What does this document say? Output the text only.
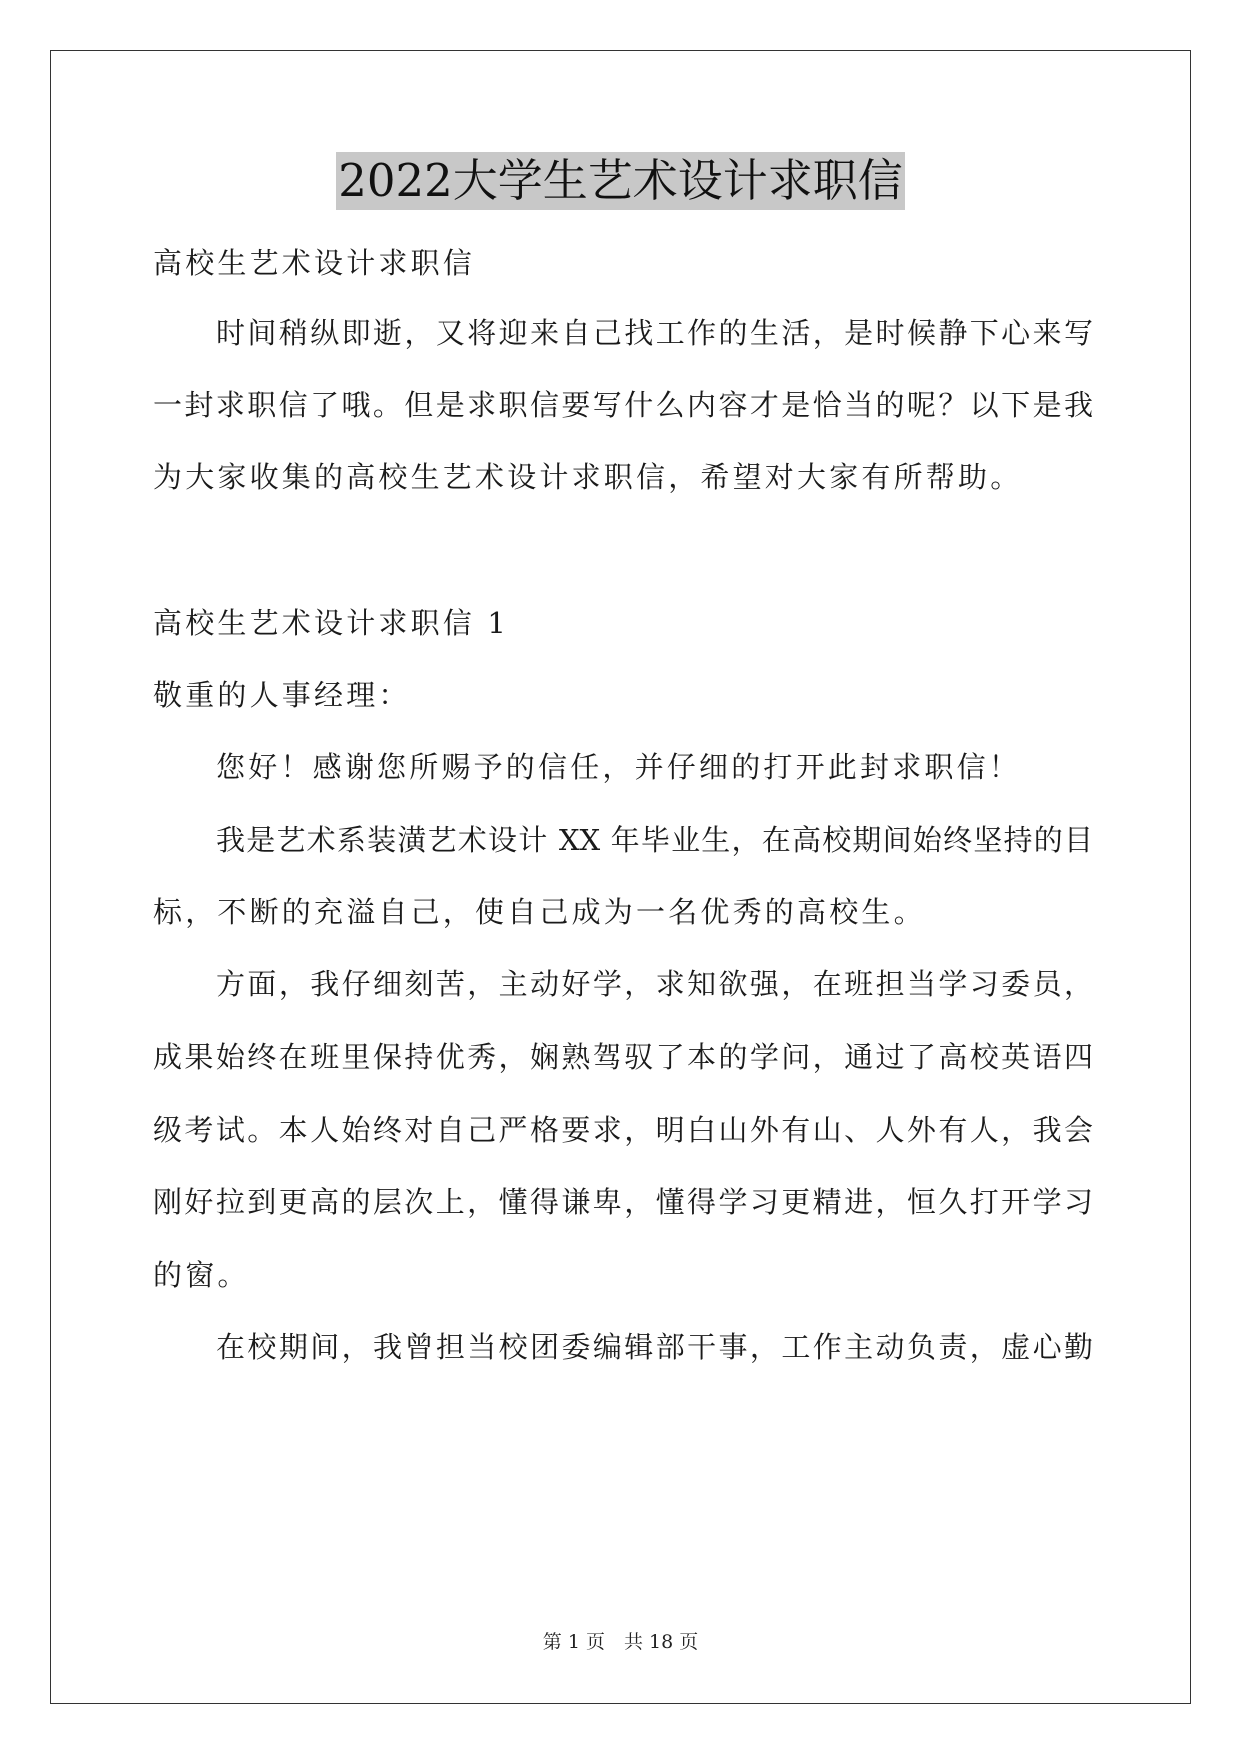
2022大学生艺术设计求职信
高校生艺术设计求职信
时间稍纵即逝，又将迎来自己找工作的生活，是时候静下心来写
一封求职信了哦。但是求职信要写什么内容才是恰当的呢？以下是我
为大家收集的高校生艺术设计求职信，希望对大家有所帮助。
高校生艺术设计求职信 1
敬重的人事经理：
您好！感谢您所赐予的信任，并仔细的打开此封求职信！
我是艺术系装潢艺术设计 XX 年毕业生，在高校期间始终坚持的目
标，不断的充溢自己，使自己成为一名优秀的高校生。
方面，我仔细刻苦，主动好学，求知欲强，在班担当学习委员，
成果始终在班里保持优秀，娴熟驾驭了本的学问，通过了高校英语四
级考试。本人始终对自己严格要求，明白山外有山、人外有人，我会
刚好拉到更高的层次上，懂得谦卑，懂得学习更精进，恒久打开学习
的窗。
在校期间，我曾担当校团委编辑部干事，工作主动负责，虚心勤
第 1 页　共 18 页
